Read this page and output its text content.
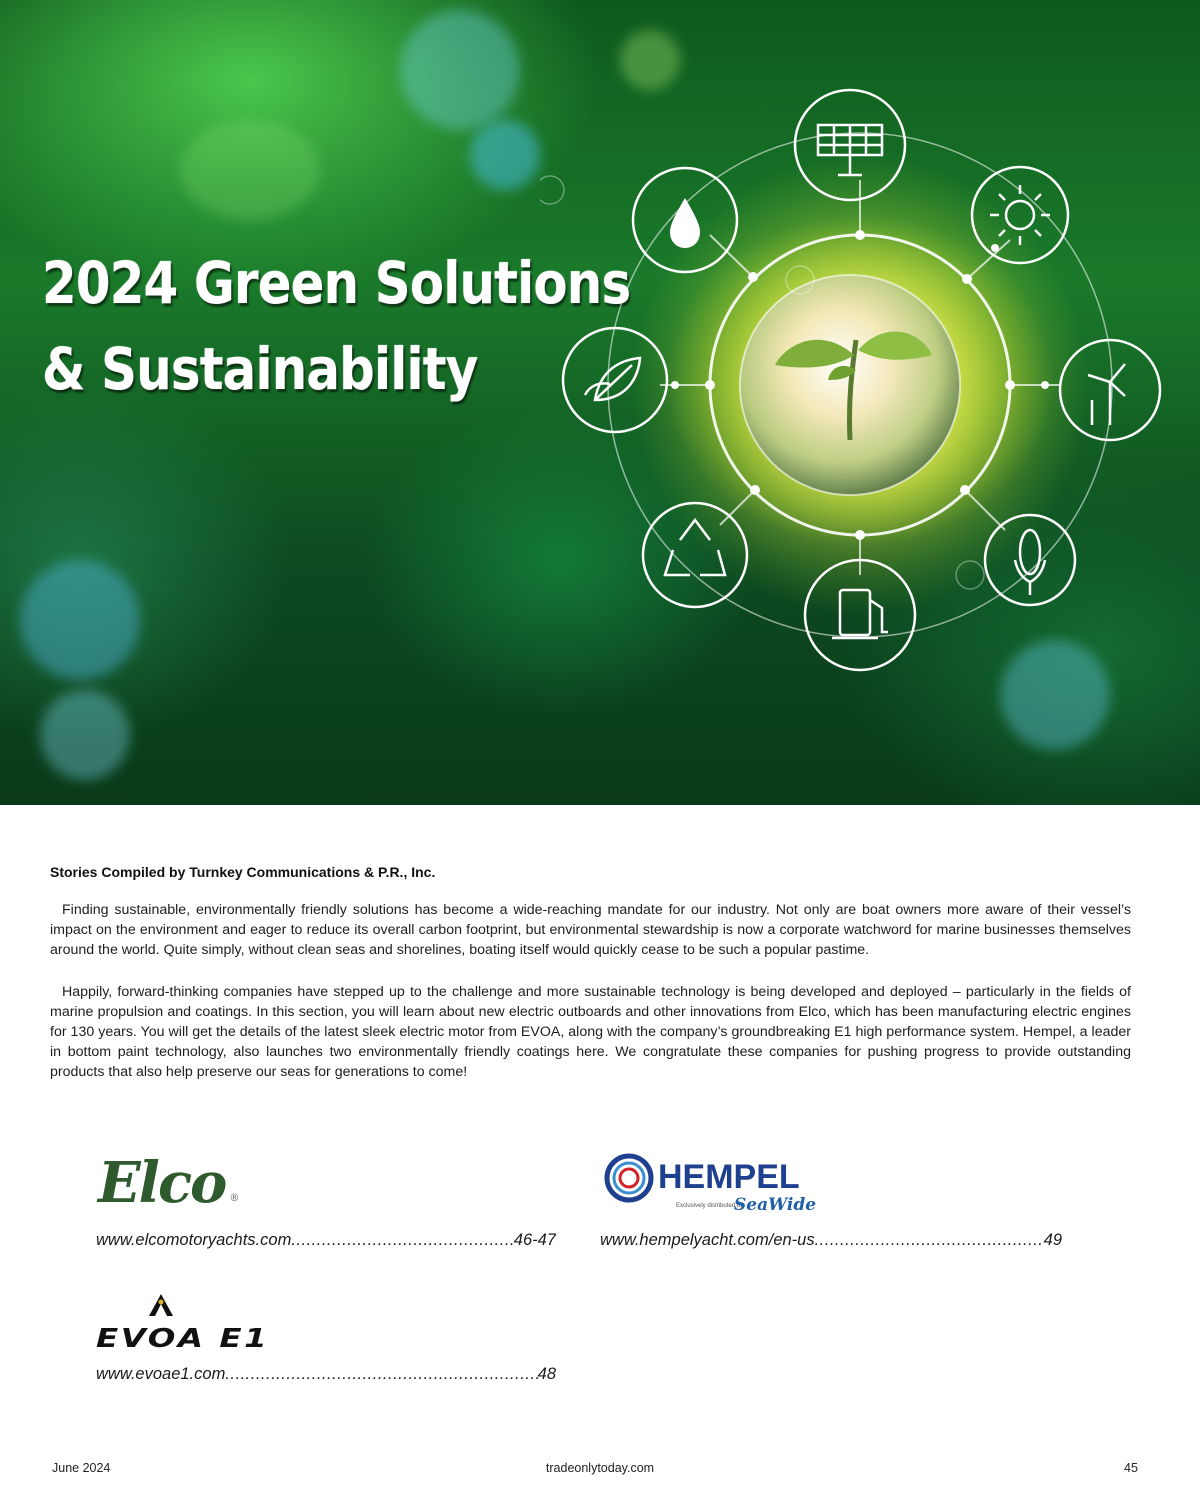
2024 Green Solutions
& Sustainability

Stories Compiled by Turnkey Communications & P.R., Inc.

Finding sustainable, environmentally friendly solutions has become a wide-reaching mandate for our industry. Not only are boat owners more aware of their vessel’s impact on the environment and eager to reduce its overall carbon footprint, but environmental stewardship is now a corporate watchword for marine businesses themselves around the world. Quite simply, without clean seas and shorelines, boating itself would quickly cease to be such a popular pastime.

Happily, forward-thinking companies have stepped up to the challenge and more sustainable technology is being developed and deployed – particularly in the fields of marine propulsion and coatings. In this section, you will learn about new electric outboards and other innovations from Elco, which has been manufacturing electric engines for 130 years. You will get the details of the latest sleek electric motor from EVOA, along with the company’s groundbreaking E1 high performance system. Hempel, a leader in bottom paint technology, also launches two environmentally friendly coatings here. We congratulate these companies for pushing progress to provide outstanding products that also help preserve our seas for generations to come!

Elco ®

www.elcomotoryachts.com .....	46-47

HEMPEL
Exclusively distributed by
SeaWide

www.hempelyacht.com/en-us .....	49

EVOA E1

www.evoae1.com .....	48

June 2024	tradeonlytoday.com	45
